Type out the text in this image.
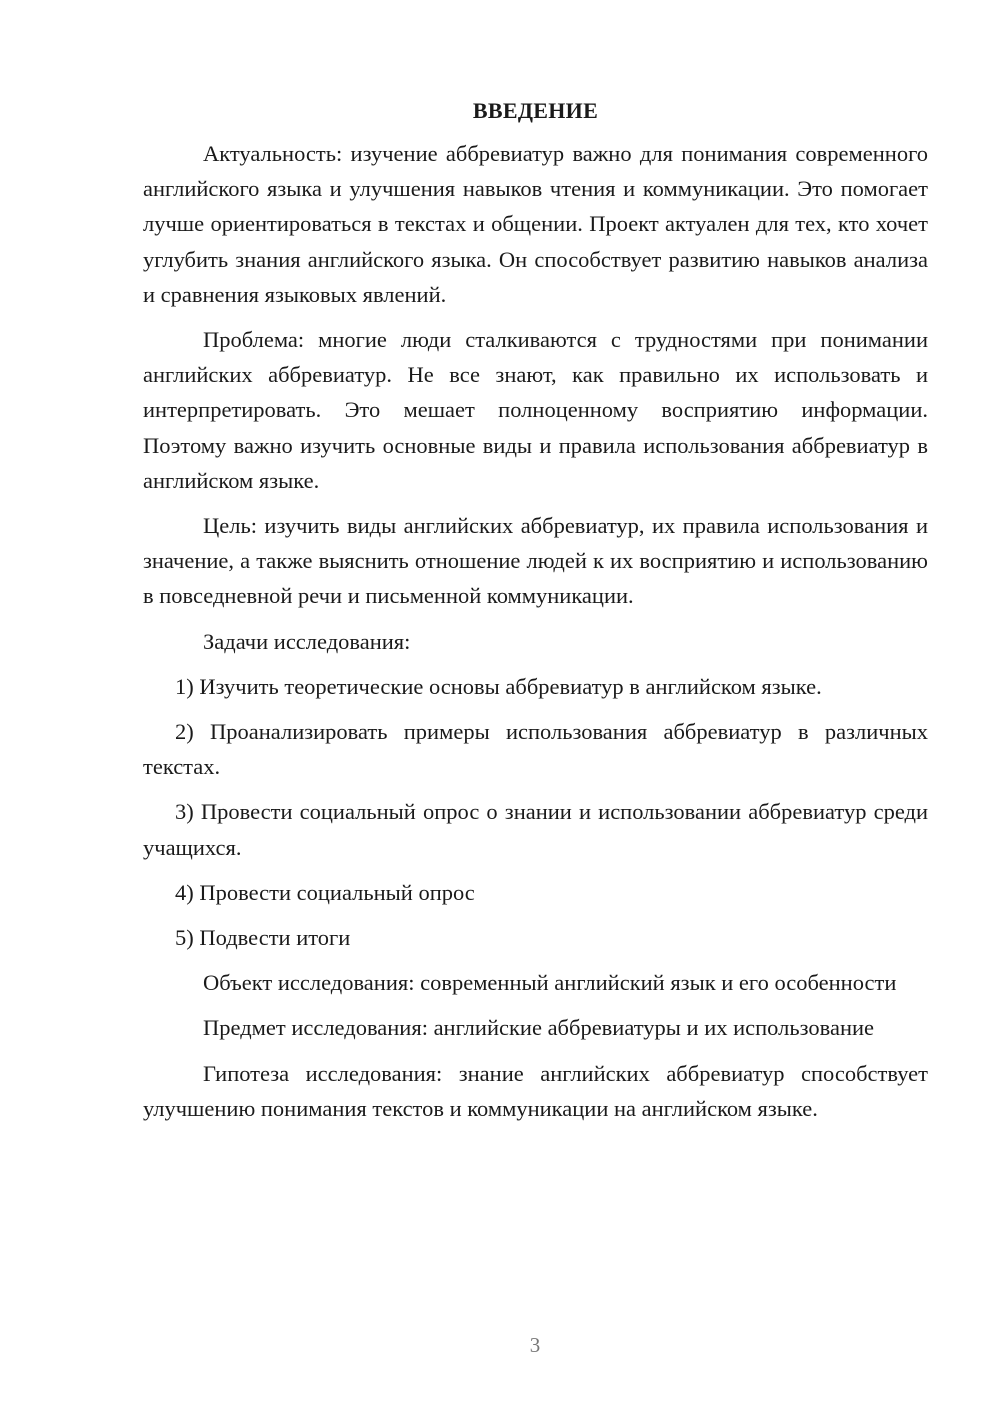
ВВЕДЕНИЕ

Актуальность: изучение аббревиатур важно для понимания современного английского языка и улучшения навыков чтения и коммуникации. Это помогает лучше ориентироваться в текстах и общении. Проект актуален для тех, кто хочет углубить знания английского языка. Он способствует развитию навыков анализа и сравнения языковых явлений.

Проблема: многие люди сталкиваются с трудностями при понимании английских аббревиатур. Не все знают, как правильно их использовать и интерпретировать. Это мешает полноценному восприятию информации. Поэтому важно изучить основные виды и правила использования аббревиатур в английском языке.

Цель: изучить виды английских аббревиатур, их правила использования и значение, а также выяснить отношение людей к их восприятию и использованию в повседневной речи и письменной коммуникации.

Задачи исследования:

1) Изучить теоретические основы аббревиатур в английском языке.

2) Проанализировать примеры использования аббревиатур в различных текстах.

3) Провести социальный опрос о знании и использовании аббревиатур среди учащихся.

4) Провести социальный опрос

5) Подвести итоги

Объект исследования: современный английский язык и его особенности

Предмет исследования: английские аббревиатуры и их использование

Гипотеза исследования: знание английских аббревиатур способствует улучшению понимания текстов и коммуникации на английском языке.

3
